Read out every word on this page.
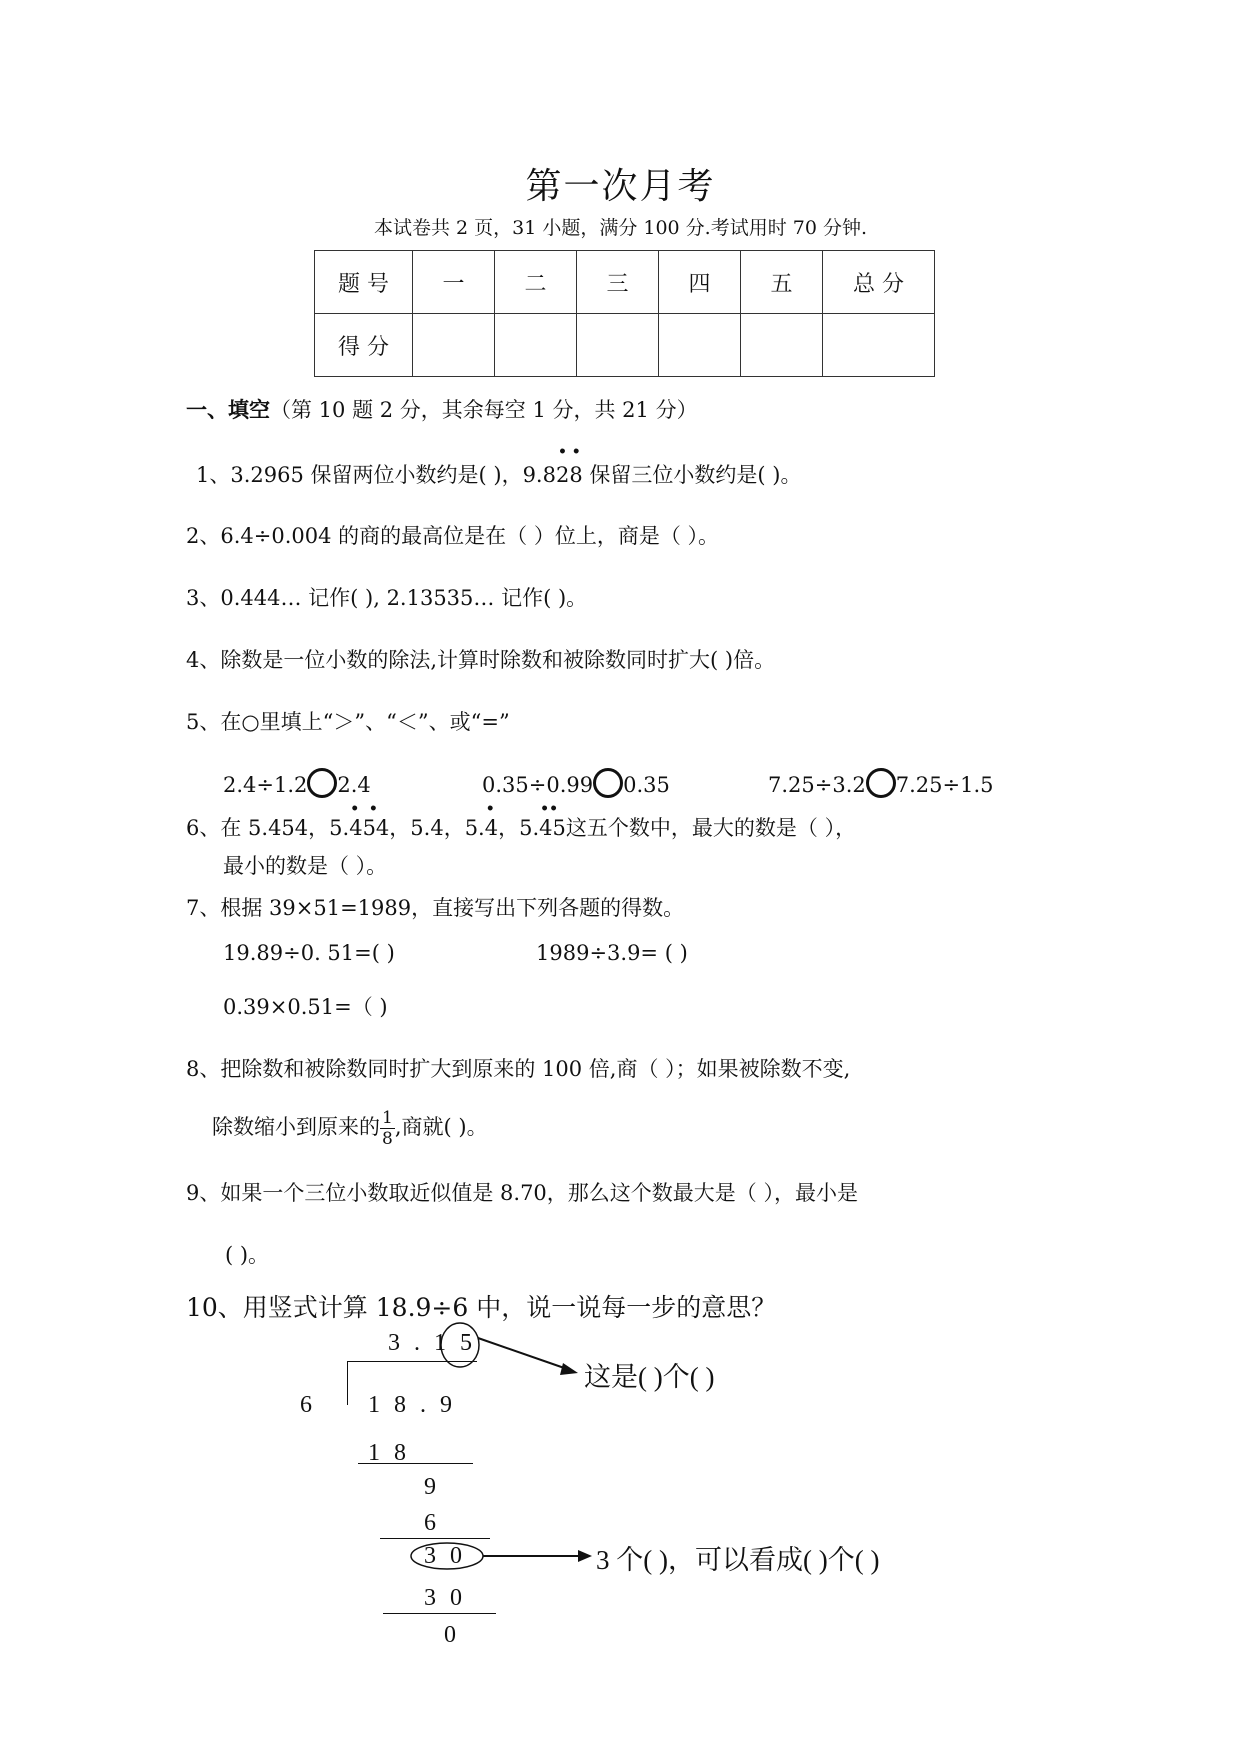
第一次月考
本试卷共 2 页，31 小题，满分 100 分.考试用时 70 分钟.
题 号	一	二	三	四	五	总 分
得 分						
一、填空（第 10 题 2 分，其余每空 1 分，共 21 分）
1、3.2965 保留两位小数约是( )，9.8
• •
28 保留三位小数约是( )。
2、6.4÷0.004 的商的最高位是在（ ）位上，商是（ ）。
3、0.444… 记作( ), 2.13535… 记作( )。
4、除数是一位小数的除法,计算时除数和被除数同时扩大( )倍。
5、在○里填上“＞”、“＜”、或“=”
2.4÷1.2 2.4	0.35÷0.99 0.35	7.25÷3.2 7.25÷1.5
6、在 5.454，5.
•  •
454，5.4，5.
•
4，5.
••
45这五个数中，最大的数是（ ），
最小的数是（ ）。
7、根据 39×51=1989，直接写出下列各题的得数。
19.89÷0. 51=( )	1989÷3.9= ( )
0.39×0.51=（ )
8、把除数和被除数同时扩大到原来的 100 倍,商（ ）；如果被除数不变,
除数缩小到原来的 $\frac{1}{8}$ ,商就( )。
9、如果一个三位小数取近似值是 8.70，那么这个数最大是（ ），最小是
( )。
10、用竖式计算 18.9÷6 中，说一说每一步的意思？
3 . 1 5
6 1 8 . 9
1 8
9
6
3 0
3 0
0
这是( )个( )
3 个( )，可以看成( )个( )
